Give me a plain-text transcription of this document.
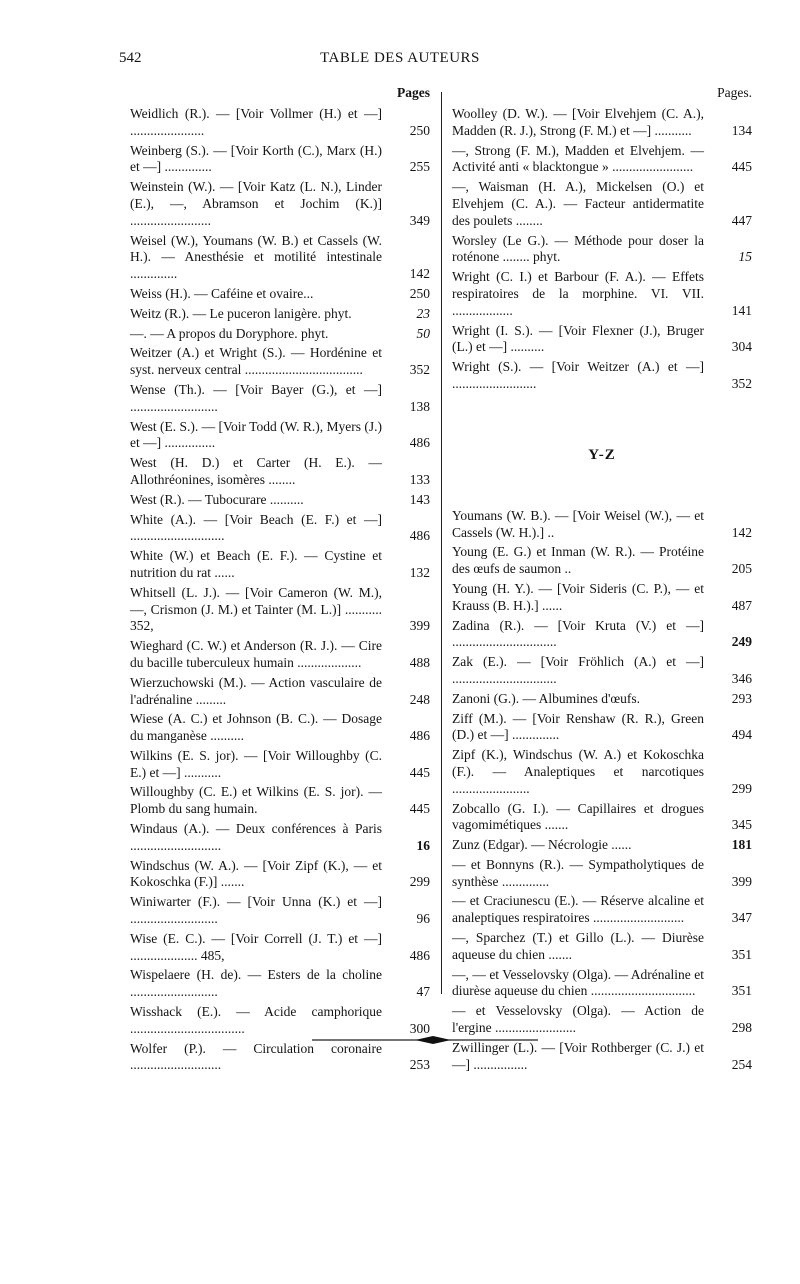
542	TABLE DES AUTEURS
Pages
Weidlich (R.). — [Voir Vollmer (H.) et —] ......................	250
Weinberg (S.). — [Voir Korth (C.), Marx (H.) et —] ..............	255
Weinstein (W.). — [Voir Katz (L. N.), Linder (E.), —, Abramson et Jochim (K.)] ........................	349
Weisel (W.), Youmans (W. B.) et Cassels (W. H.). — Anesthésie et motilité intestinale ..............	142
Weiss (H.). — Caféine et ovaire...	250
Weitz (R.). — Le puceron lanigère. phyt.	23
—. — A propos du Doryphore. phyt.	50
Weitzer (A.) et Wright (S.). — Hordénine et syst. nerveux central ...................................	352
Wense (Th.). — [Voir Bayer (G.), et —] ..........................	138
West (E. S.). — [Voir Todd (W. R.), Myers (J.) et —] ...............	486
West (H. D.) et Carter (H. E.). — Allothréonines, isomères ........	133
West (R.). — Tubocurare ..........	143
White (A.). — [Voir Beach (E. F.) et —] ............................	486
White (W.) et Beach (E. F.). — Cystine et nutrition du rat ......	132
Whitsell (L. J.). — [Voir Cameron (W. M.), —, Crismon (J. M.) et Tainter (M. L.)] ........... 352,	399
Wieghard (C. W.) et Anderson (R. J.). — Cire du bacille tuberculeux humain ...................	488
Wierzuchowski (M.). — Action vasculaire de l'adrénaline .........	248
Wiese (A. C.) et Johnson (B. C.). — Dosage du manganèse ..........	486
Wilkins (E. S. jor). — [Voir Willoughby (C. E.) et —] ...........	445
Willoughby (C. E.) et Wilkins (E. S. jor). — Plomb du sang humain.	445
Windaus (A.). — Deux conférences à Paris ...........................	16
Windschus (W. A.). — [Voir Zipf (K.), — et Kokoschka (F.)] .......	299
Winiwarter (F.). — [Voir Unna (K.) et —] ..........................	96
Wise (E. C.). — [Voir Correll (J. T.) et —] .................... 485,	486
Wispelaere (H. de). — Esters de la choline ..........................	47
Wisshack (E.). — Acide camphorique ..................................	300
Wolfer (P.). — Circulation coronaire ...........................	253
Pages.
Woolley (D. W.). — [Voir Elvehjem (C. A.), Madden (R. J.), Strong (F. M.) et —] ...........	134
—, Strong (F. M.), Madden et Elvehjem. — Activité anti « blacktongue » ........................	445
—, Waisman (H. A.), Mickelsen (O.) et Elvehjem (C. A.). — Facteur antidermatite des poulets ........	447
Worsley (Le G.). — Méthode pour doser la roténone ........ phyt.	15
Wright (C. I.) et Barbour (F. A.). — Effets respiratoires de la morphine. VI. VII. ..................	141
Wright (I. S.). — [Voir Flexner (J.), Bruger (L.) et —] ..........	304
Wright (S.). — [Voir Weitzer (A.) et —] .........................	352
Y-Z
Youmans (W. B.). — [Voir Weisel (W.), — et Cassels (W. H.).] ..	142
Young (E. G.) et Inman (W. R.). — Protéine des œufs de saumon ..	205
Young (H. Y.). — [Voir Sideris (C. P.), — et Krauss (B. H.).] ......	487
Zadina (R.). — [Voir Kruta (V.) et —] ...............................	249
Zak (E.). — [Voir Fröhlich (A.) et —] ...............................	346
Zanoni (G.). — Albumines d'œufs.	293
Ziff (M.). — [Voir Renshaw (R. R.), Green (D.) et —] ..............	494
Zipf (K.), Windschus (W. A.) et Kokoschka (F.). — Analeptiques et narcotiques .......................	299
Zobcallo (G. I.). — Capillaires et drogues vagomimétiques .......	345
Zunz (Edgar). — Nécrologie ......	181
— et Bonnyns (R.). — Sympatholytiques de synthèse ..............	399
— et Craciunescu (E.). — Réserve alcaline et analeptiques respiratoires ...........................	347
—, Sparchez (T.) et Gillo (L.). — Diurèse aqueuse du chien .......	351
—, — et Vesselovsky (Olga). — Adrénaline et diurèse aqueuse du chien ...............................	351
— et Vesselovsky (Olga). — Action de l'ergine ........................	298
Zwillinger (L.). — [Voir Rothberger (C. J.) et —] ................	254
